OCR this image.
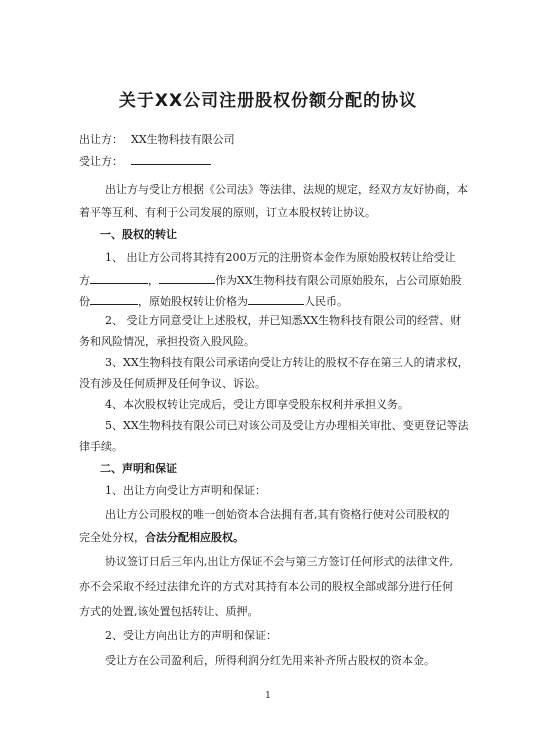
关于XX公司注册股权份额分配的协议
出让方： XX生物科技有限公司
受让方：
出让方与受让方根据《公司法》等法律、法规的规定，经双方友好协商，本
着平等互利、有利于公司发展的原则，订立本股权转让协议。
一、股权的转让
1、 出让方公司将其持有200万元的注册资本金作为原始股权转让给受让
方	，	作为XX生物科技有限公司原始股东，占公司原始股
份	，原始股权转让价格为	人民币。
2、 受让方同意受让上述股权，并已知悉XX生物科技有限公司的经营、财
务和风险情况，承担投资入股风险。
3、XX生物科技有限公司承诺向受让方转让的股权不存在第三人的请求权，
没有涉及任何质押及任何争议、诉讼。
4、本次股权转让完成后，受让方即享受股东权利并承担义务。
5、XX生物科技有限公司已对该公司及受让方办理相关审批、变更登记等法
律手续。
二、声明和保证
1、出让方向受让方声明和保证：
出让方公司股权的唯一创始资本合法拥有者,其有资格行使对公司股权的
完全处分权，合法分配相应股权。
协议签订日后三年内,出让方保证不会与第三方签订任何形式的法律文件,
亦不会采取不经过法律允许的方式对其持有本公司的股权全部或部分进行任何
方式的处置,该处置包括转让、质押。
2、受让方向出让方的声明和保证：
受让方在公司盈利后，所得利润分红先用来补齐所占股权的资本金。
1
